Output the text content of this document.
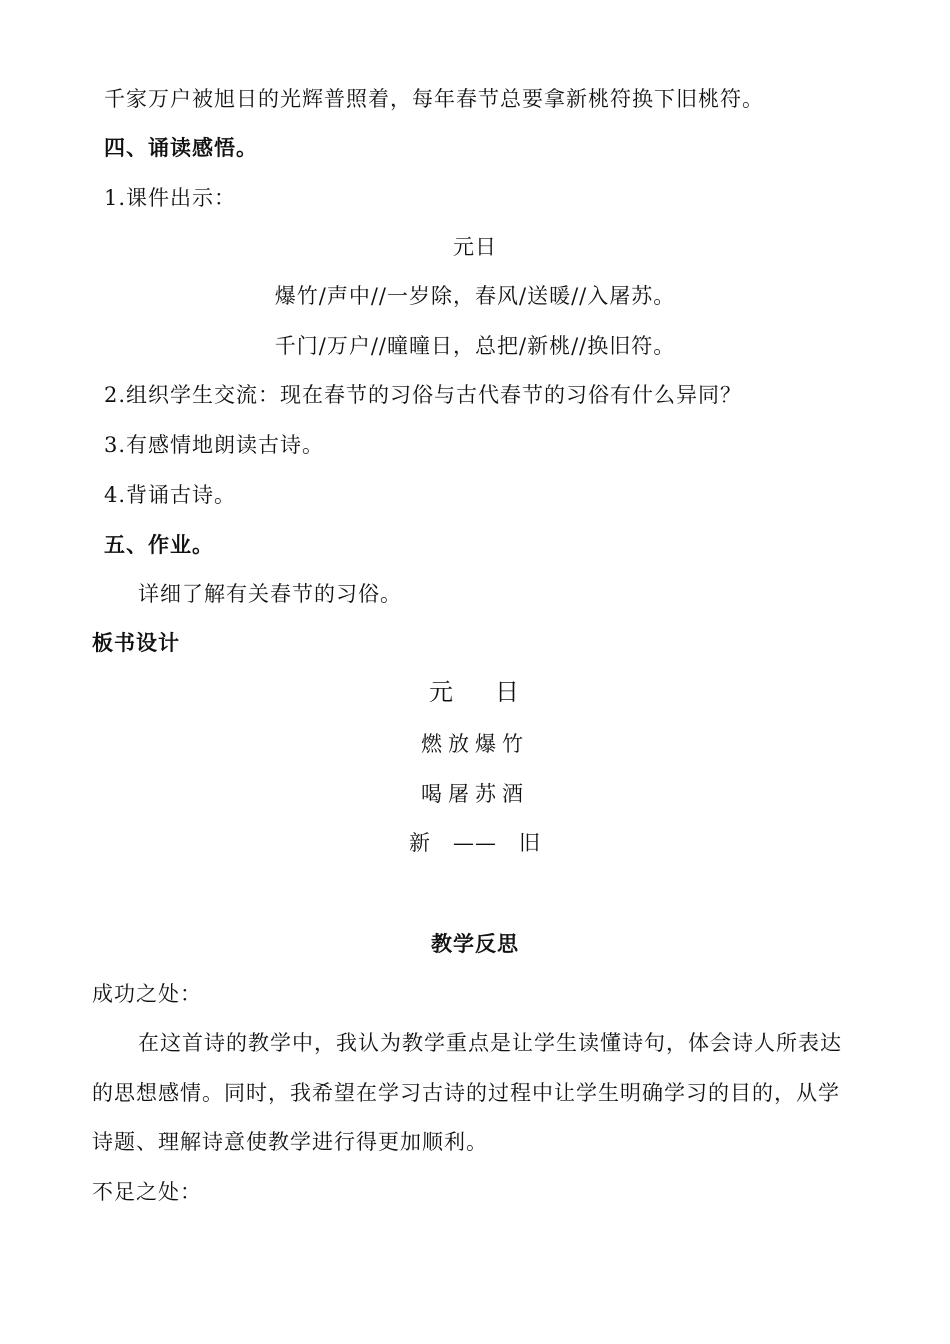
千家万户被旭日的光辉普照着，每年春节总要拿新桃符换下旧桃符。
四、诵读感悟。
1.课件出示：
元日
爆竹/声中//一岁除，春风/送暖//入屠苏。
千门/万户//曈曈日，总把/新桃//换旧符。
2.组织学生交流：现在春节的习俗与古代春节的习俗有什么异同？
3.有感情地朗读古诗。
4.背诵古诗。
五、作业。
详细了解有关春节的习俗。
板书设计
元 日
燃放爆竹
喝屠苏酒
新 —— 旧
教学反思
成功之处：
在这首诗的教学中，我认为教学重点是让学生读懂诗句，体会诗人所表达
的思想感情。同时，我希望在学习古诗的过程中让学生明确学习的目的，从学
诗题、理解诗意使教学进行得更加顺利。
不足之处：
